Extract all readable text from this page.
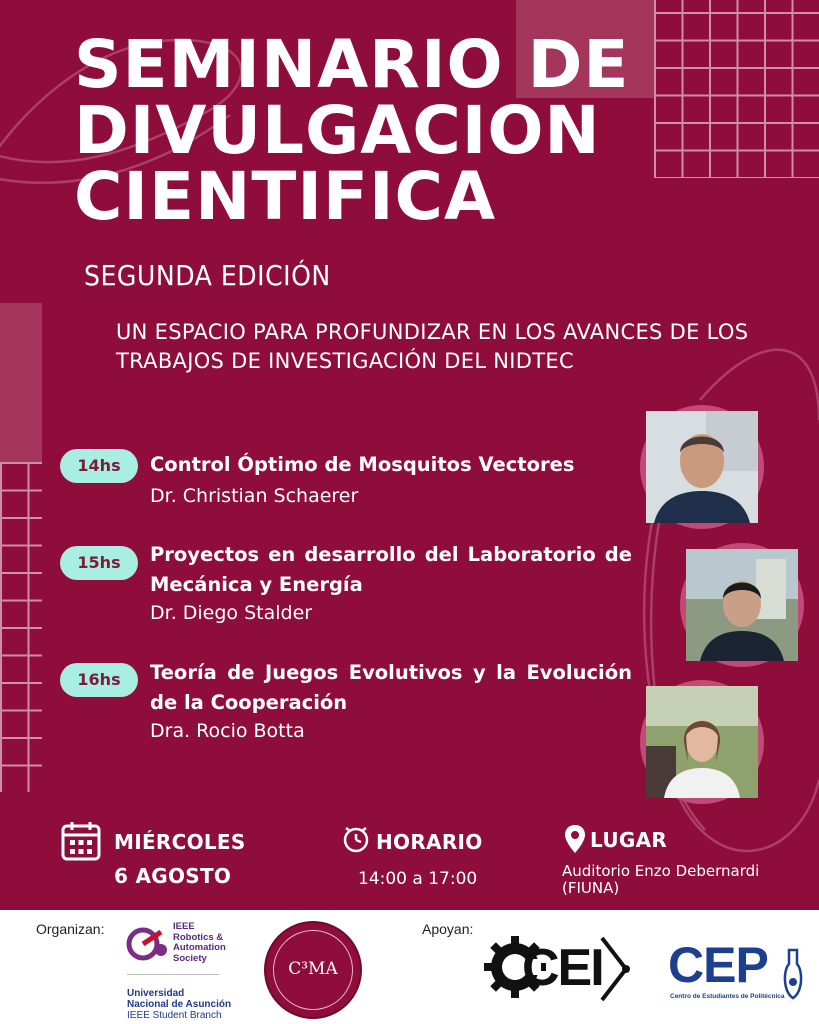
SEMINARIO DE
DIVULGACION
CIENTIFICA
SEGUNDA EDICIÓN
UN ESPACIO PARA PROFUNDIZAR EN LOS AVANCES DE LOS
TRABAJOS DE INVESTIGACIÓN DEL NIDTEC
14hs	Control Óptimo de Mosquitos Vectores
Dr. Christian Schaerer
15hs	Proyectos en desarrollo del Laboratorio de Mecánica y Energía
Dr. Diego Stalder
16hs	Teoría de Juegos Evolutivos y la Evolución de la Cooperación
Dra. Rocio Botta
MIÉRCOLES
6 AGOSTO
HORARIO
14:00 a 17:00
LUGAR
Auditorio Enzo Debernardi
(FIUNA)
Organizan:	Apoyan:
IEEE
Robotics &
Automation
Society
Universidad
Nacional de Asunción
IEEE Student Branch
C³MA	CEI CEP
Centro de Estudiantes de Politécnica
